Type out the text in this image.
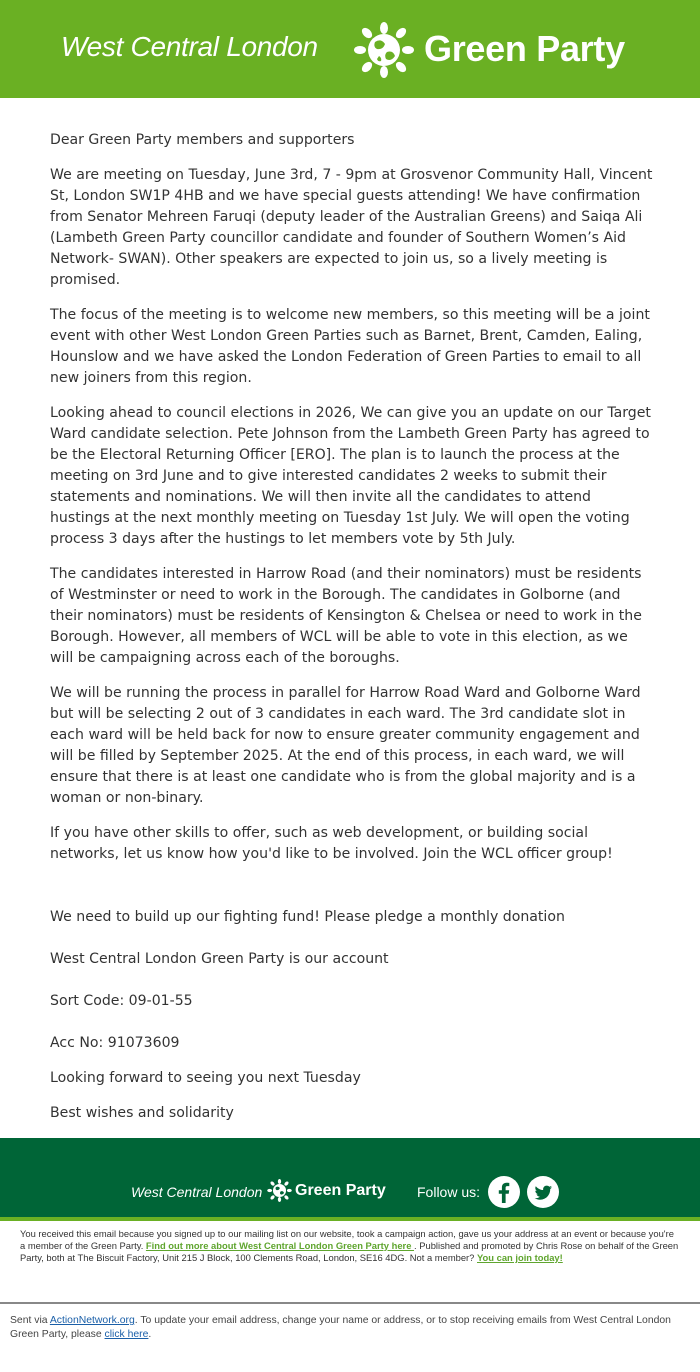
West Central London	Green Party

Dear Green Party members and supporters

We are meeting on Tuesday, June 3rd, 7 - 9pm at Grosvenor Community Hall, Vincent St, London SW1P 4HB and we have special guests attending! We have confirmation from Senator Mehreen Faruqi (deputy leader of the Australian Greens) and Saiqa Ali (Lambeth Green Party councillor candidate and founder of Southern Women’s Aid Network- SWAN). Other speakers are expected to join us, so a lively meeting is promised.

The focus of the meeting is to welcome new members, so this meeting will be a joint event with other West London Green Parties such as Barnet, Brent, Camden, Ealing, Hounslow and we have asked the London Federation of Green Parties to email to all new joiners from this region.

Looking ahead to council elections in 2026, We can give you an update on our Target Ward candidate selection. Pete Johnson from the Lambeth Green Party has agreed to be the Electoral Returning Officer [ERO]. The plan is to launch the process at the meeting on 3rd June and to give interested candidates 2 weeks to submit their statements and nominations. We will then invite all the candidates to attend hustings at the next monthly meeting on Tuesday 1st July. We will open the voting process 3 days after the hustings to let members vote by 5th July.

The candidates interested in Harrow Road (and their nominators) must be residents of Westminster or need to work in the Borough. The candidates in Golborne (and their nominators) must be residents of Kensington & Chelsea or need to work in the Borough. However, all members of WCL will be able to vote in this election, as we will be campaigning across each of the boroughs.

We will be running the process in parallel for Harrow Road Ward and Golborne Ward but will be selecting 2 out of 3 candidates in each ward. The 3rd candidate slot in each ward will be held back for now to ensure greater community engagement and will be filled by September 2025. At the end of this process, in each ward, we will ensure that there is at least one candidate who is from the global majority and is a woman or non-binary.

If you have other skills to offer, such as web development, or building social networks, let us know how you'd like to be involved. Join the WCL officer group!

We need to build up our fighting fund! Please pledge a monthly donation

West Central London Green Party is our account

Sort Code: 09-01-55

Acc No: 91073609

Looking forward to seeing you next Tuesday

Best wishes and solidarity

West Central London Green Party Follow us:
You received this email because you signed up to our mailing list on our website, took a campaign action, gave us your address at an event or because you're a member of the Green Party. Find out more about West Central London Green Party here . Published and promoted by Chris Rose on behalf of the Green Party, both at The Biscuit Factory, Unit 215 J Block, 100 Clements Road, London, SE16 4DG. Not a member? You can join today!
Sent via ActionNetwork.org. To update your email address, change your name or address, or to stop receiving emails from West Central London Green Party, please click here.
